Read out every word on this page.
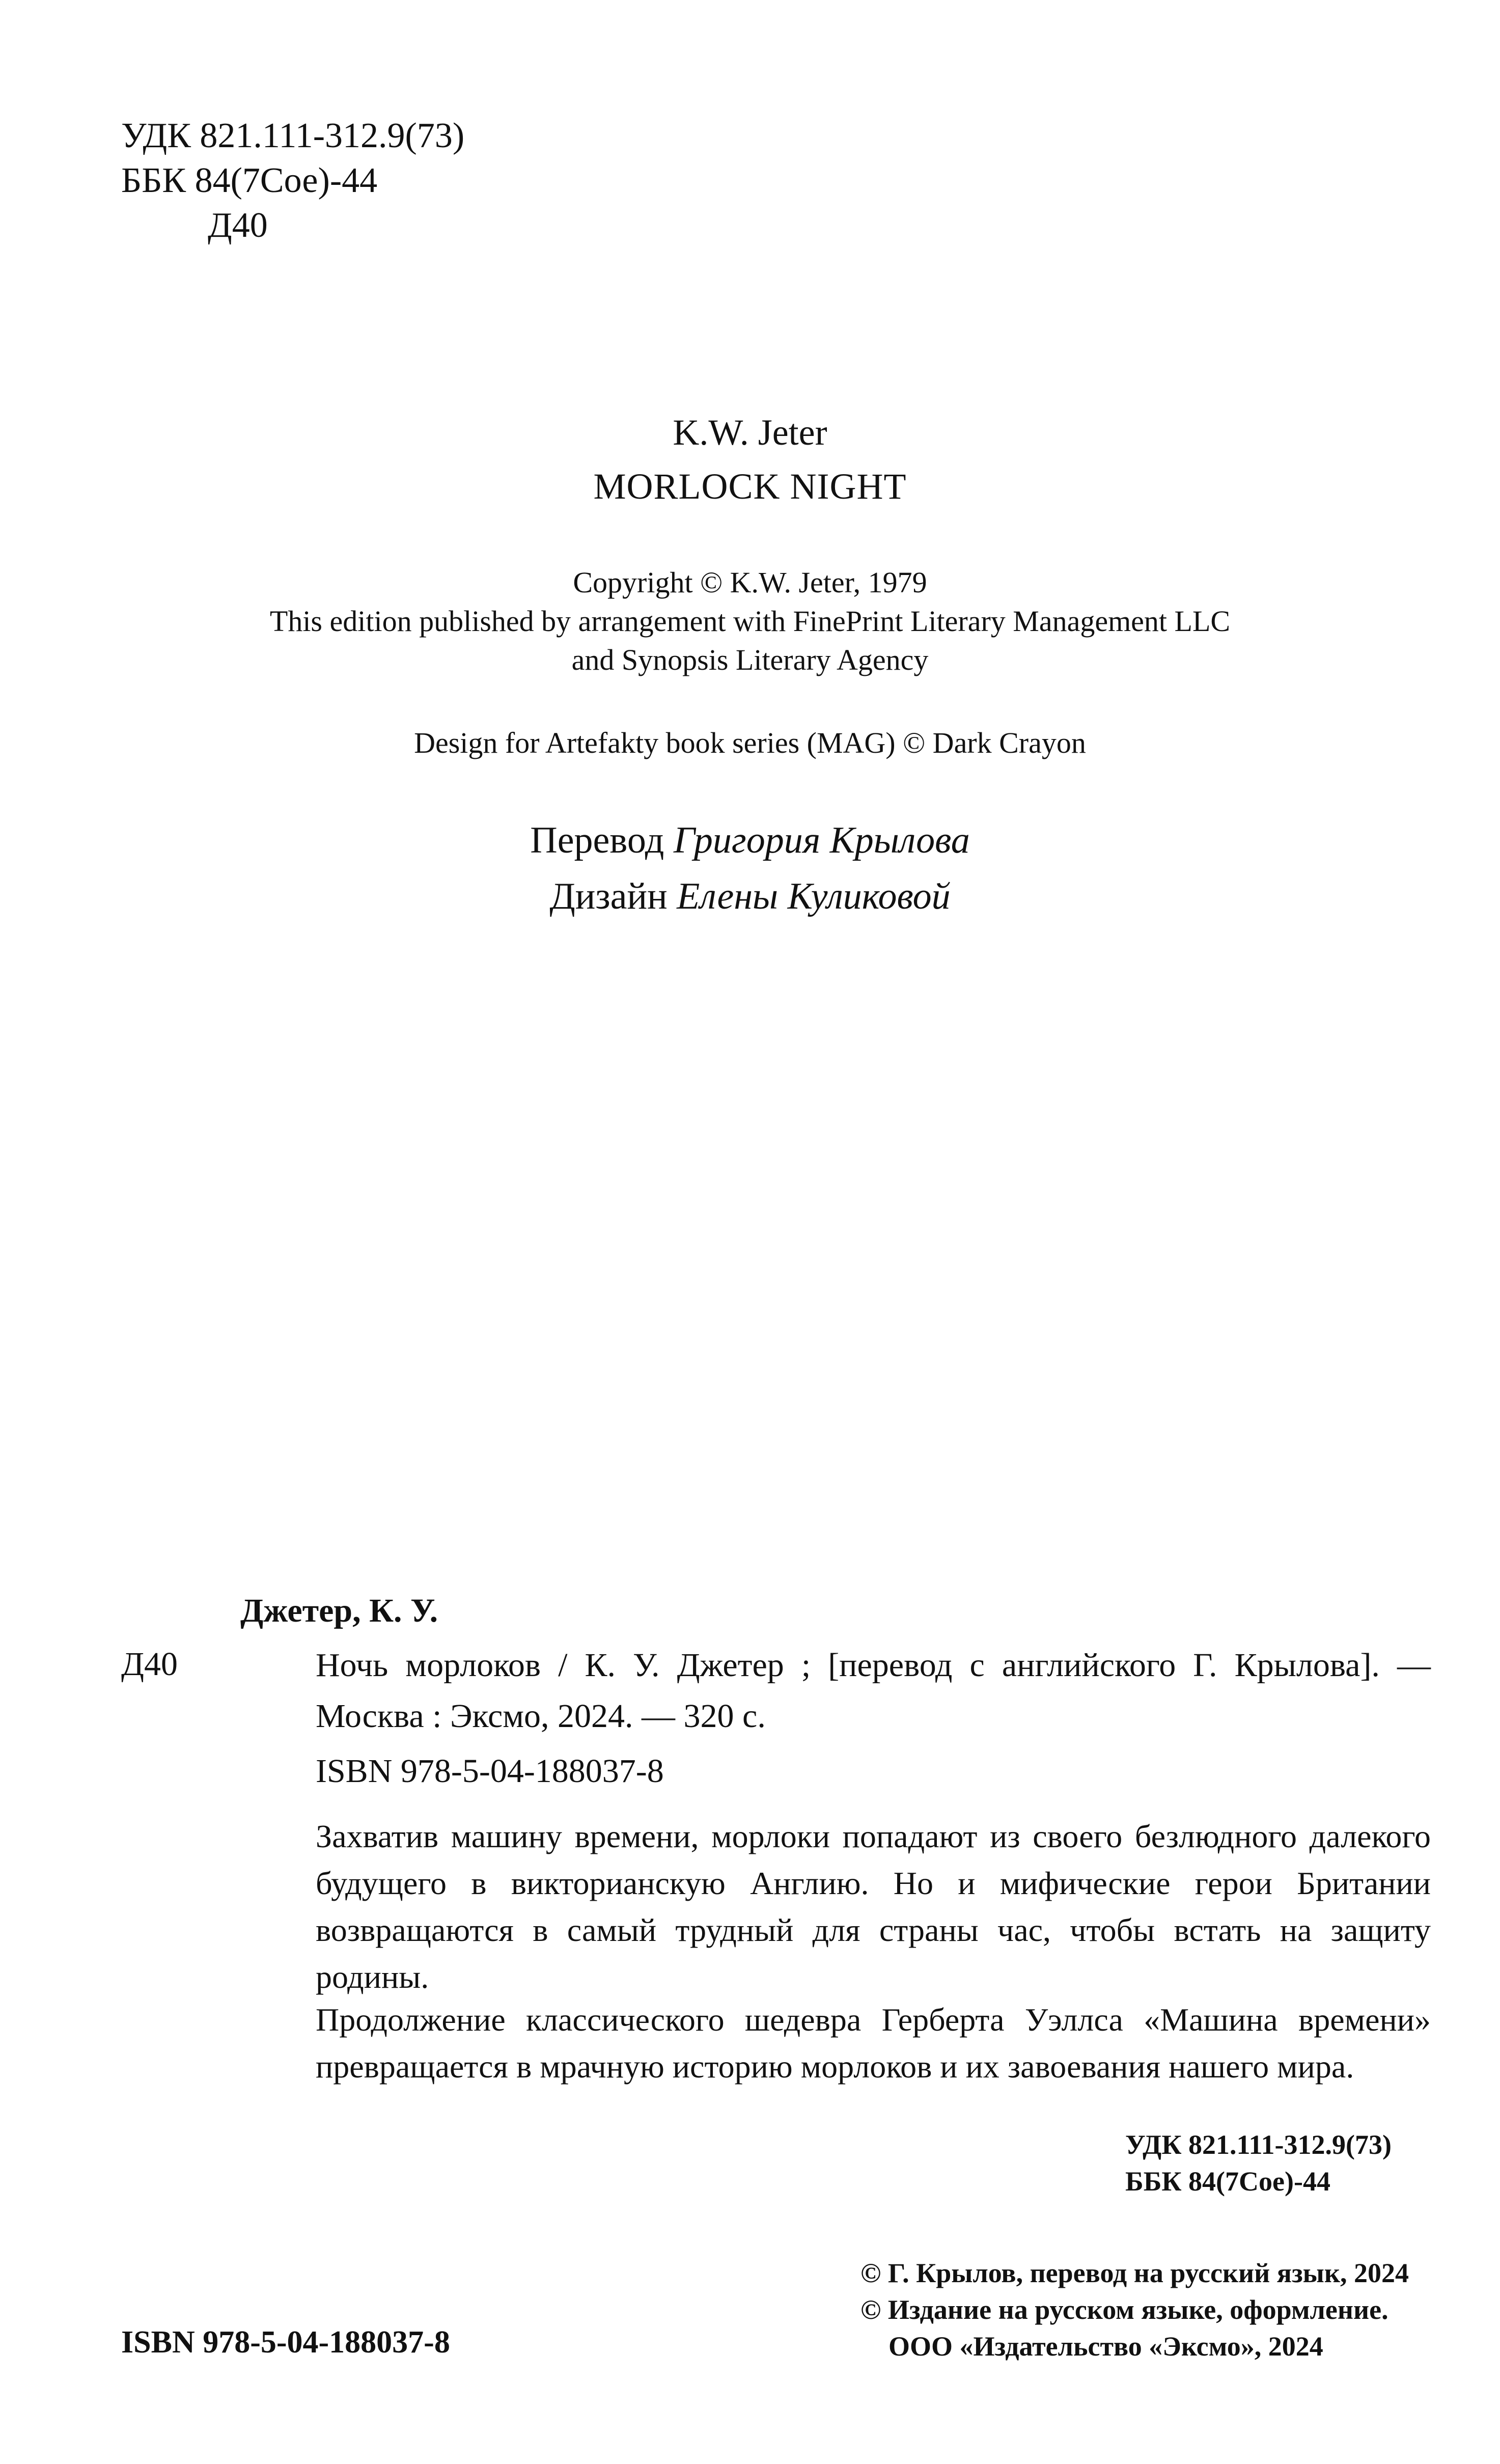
УДК 821.111-312.9(73)
ББК 84(7Сое)-44
Д40
K.W. Jeter
MORLOCK NIGHT
Copyright © K.W. Jeter, 1979
This edition published by arrangement with FinePrint Literary Management LLC
and Synopsis Literary Agency
Design for Artefakty book series (MAG) © Dark Crayon
Перевод Григория Крылова
Дизайн Елены Куликовой
Джетер, К. У.
Д40	Ночь морлоков / К. У. Джетер ; [перевод с английского Г. Крылова]. — Москва : Эксмо, 2024. — 320 с.
ISBN 978-5-04-188037-8
Захватив машину времени, морлоки попадают из своего безлюдного далекого будущего в викторианскую Англию. Но и мифические герои Британии возвращаются в самый трудный для страны час, чтобы встать на защиту родины.
Продолжение классического шедевра Герберта Уэллса «Машина времени» превращается в мрачную историю морлоков и их завоевания нашего мира.
УДК 821.111-312.9(73)
ББК 84(7Сое)-44
© Г. Крылов, перевод на русский язык, 2024
© Издание на русском языке, оформление.
ООО «Издательство «Эксмо», 2024
ISBN 978-5-04-188037-8
